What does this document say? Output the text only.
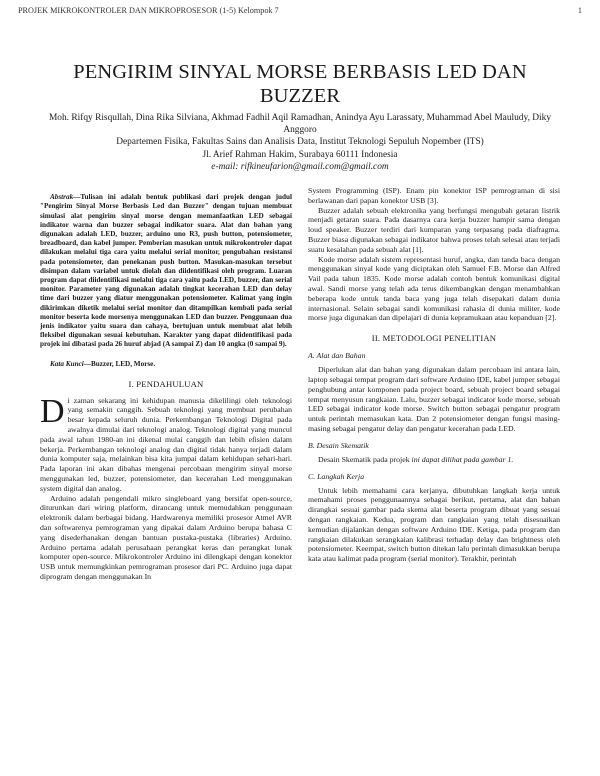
PROJEK MIKROKONTROLER DAN MIKROPROSESOR (1-5) Kelompok 7	1
PENGIRIM SINYAL MORSE BERBASIS LED DAN BUZZER
Moh. Rifqy Risqullah, Dina Rika Silviana, Akhmad Fadhil Aqil Ramadhan, Anindya Ayu Larassaty, Muhammad Abel Mauludy, Diky Anggoro
Departemen Fisika, Fakultas Sains dan Analisis Data, Institut Teknologi Sepuluh Nopember (ITS)
Jl. Arief Rahman Hakim, Surabaya 60111 Indonesia
e-mail: rifkineufarion@gmail.com@gmail.com

Abstrak—Tulisan ini adalah bentuk publikasi dari projek dengan judul "Pengirim Sinyal Morse Berbasis Led dan Buzzer" dengan tujuan membuat simulasi alat pengirim sinyal morse dengan memanfaatkan LED sebagai indikator warna dan buzzer sebagai indikator suara. Alat dan bahan yang digunakan adalah LED, buzzer, arduino uno R3, push button, potensiometer, breadboard, dan kabel jumper. Pemberian masukan untuk mikrokontroler dapat dilakukan melalui tiga cara yaitu melalui serial monitor, pengubahan resistansi pada potensiometer, dan penekanan push button. Masukan-masukan tersebut disimpan dalam variabel untuk diolah dan diidentifikasi oleh program. Luaran program dapat diidentifikasi melalui tiga cara yaitu pada LED, buzzer, dan serial monitor. Parameter yang digunakan adalah tingkat kecerahan LED dan delay time dari buzzer yang diatur menggunakan potensiometer. Kalimat yang ingin dikirimkan diketik melalui serial monitor dan ditampilkan kembali pada serial monitor beserta kode morsenya menggunakan LED dan buzzer. Penggunaan dua jenis indikator yaitu suara dan cahaya, bertujuan untuk membuat alat lebih fleksibel digunakan sesuai kebutuhan. Karakter yang dapat diidentifikasi pada projek ini dibatasi pada 26 huruf abjad (A sampai Z) dan 10 angka (0 sampai 9).

Kata Kunci—Buzzer, LED, Morse.

I. PENDAHULUAN
D i zaman sekarang ini kehidupan manusia dikelilingi oleh teknologi yang semakin canggih. Sebuah teknologi yang membuat perubahan besar kepada seluruh dunia. Perkembangan Teknologi Digital pada awalnya dimulai dari teknologi analog. Teknologi digital yang muncul pada awal tahun 1980-an ini dikenal mulai canggih dan lebih efisien dalam bekerja. Perkembangan teknologi analog dan digital tidak hanya terjadi dalam dunia komputer saja, melainkan bisa kita jumpai dalam kehidupan sehari-hari. Pada laporan ini akan dibahas mengenai percobaan mengirim sinyal morse menggunakan led, buzzer, potensiometer, dan kecerahan Led menggunakan system digital dan analog.

Arduino adalah pengendali mikro singleboard yang bersifat open-source, diturunkan dari wiring platform, dirancang untuk memudahkan penggunaan elektronik dalam berbagai bidang. Hardwarenya memiliki prosesor Atmel AVR dan softwarenya pemrograman yang dipakai dalam Arduino berupa bahasa C yang disederhanakan dengan bantuan pustaka-pustaka (libraries) Arduino. Arduino pertama adalah perusahaan perangkat keras dan perangkat lunak komputer open-source. Mikrokontroler Arduino ini dilengkapi dengan konektor USB untuk memungkinkan pemrograman prosesor dari PC. Arduino juga dapat diprogram dengan menggunakan In

System Programming (ISP). Enam pin konektor ISP pemrograman di sisi berlawanan dari papan konektor USB [3].

Buzzer adalah sebuah elektronika yang berfungsi mengubah getaran listrik menjadi getaran suara. Pada dasarnya cara kerja buzzer hampir sama dengan loud speaker. Buzzer terdiri dari kumparan yang terpasang pada diafragma. Buzzer biasa digunakan sebagai indikator bahwa proses telah selesai atau terjadi suatu kesalahan pada sebuah alat [1].

Kode morse adalah sistem representasi huruf, angka, dan tanda baca dengan menggunakan sinyal kode yang diciptakan oleh Samuel F.B. Morse dan Alfred Vail pada tahun 1835. Kode morse adalah contoh bentuk komunikasi digital awal. Sandi morse yang telah ada terus dikembangkan dengan menambahkan beberapa kode untuk tanda baca yang juga telah disepakati dalam dunia internasional. Selain sebagai sandi komunikasi rahasia di dunia militer, kode morse juga digunakan dan dipelajari di dunia kepramukaan atau kepanduan [2].

II. METODOLOGI PENELITIAN
A. Alat dan Bahan

Diperlukan alat dan bahan yang digunakan dalam percobaan ini antara lain, laptop sebagai tempat program dari software Arduino IDE, kabel jumper sebagai penghubung antar komponen pada project board, sebuah project board sebagai tempat menyusun rangkaian. Lalu, buzzer sebagai indicator kode morse, sebuah LED sebagai indicator kode morse. Switch button sebagai pengatur program untuk perintah memasukan kata. Dan 2 potensiometer dengan fungsi masing-masing sebagai pengatur delay dan pengatur kecerahan pada LED.

B. Desain Skematik

Desain Skematik pada projek ini dapat dilihat pada gambar 1.

C. Langkah Kerja

Untuk lebih memahami cara kerjanya, dibutuhkan langkah kerja untuk memahami proses penggunaannya sebagai berikut, pertama, alat dan bahan dirangkai sesuai gambar pada skema alat beserta program dibuat yang sesuai dengan rangkaian. Kedua, program dan rangkaian yang telah disesuaikan kemudian dijalankan dengan software Arduino IDE. Ketiga, pada program dan rangkaian dilakukan serangkaian kalibrasi terhadap delay dan brightness oleh potensiometer. Keempat, switch button ditekan lalu perintah dimasukkan berupa kata atau kalimat pada program (serial monitor). Terakhir, perintah
